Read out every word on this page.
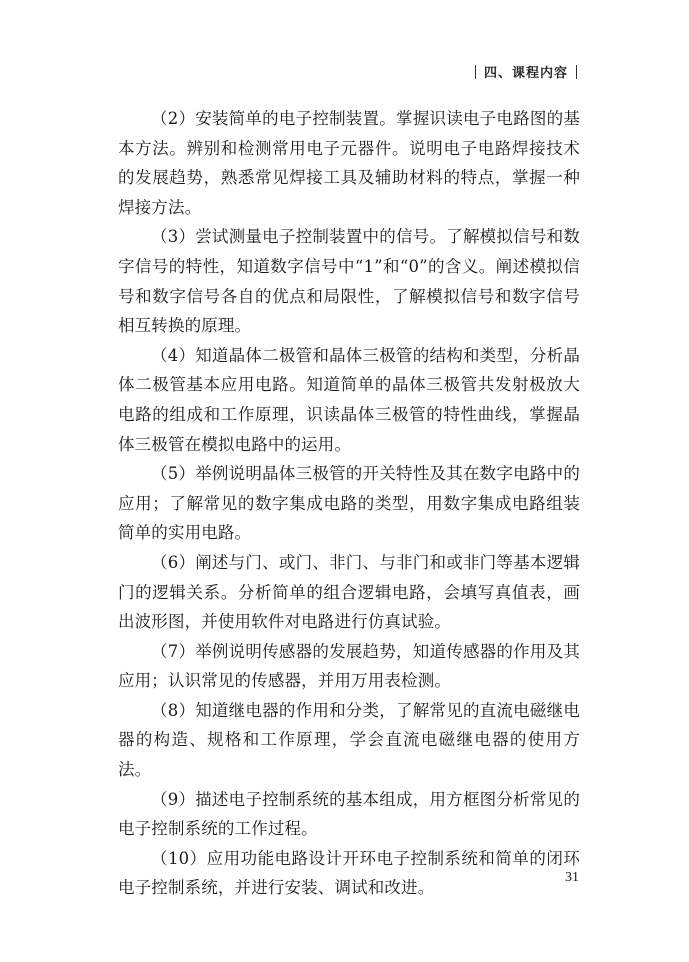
四、课程内容

（2）安装简单的电子控制装置。掌握识读电子电路图的基本方法。辨别和检测常用电子元器件。说明电子电路焊接技术的发展趋势，熟悉常见焊接工具及辅助材料的特点，掌握一种焊接方法。

（3）尝试测量电子控制装置中的信号。了解模拟信号和数字信号的特性，知道数字信号中“1”和“0”的含义。阐述模拟信号和数字信号各自的优点和局限性，了解模拟信号和数字信号相互转换的原理。

（4）知道晶体二极管和晶体三极管的结构和类型，分析晶体二极管基本应用电路。知道简单的晶体三极管共发射极放大电路的组成和工作原理，识读晶体三极管的特性曲线，掌握晶体三极管在模拟电路中的运用。

（5）举例说明晶体三极管的开关特性及其在数字电路中的应用；了解常见的数字集成电路的类型，用数字集成电路组装简单的实用电路。

（6）阐述与门、或门、非门、与非门和或非门等基本逻辑门的逻辑关系。分析简单的组合逻辑电路，会填写真值表，画出波形图，并使用软件对电路进行仿真试验。

（7）举例说明传感器的发展趋势，知道传感器的作用及其应用；认识常见的传感器，并用万用表检测。

（8）知道继电器的作用和分类，了解常见的直流电磁继电器的构造、规格和工作原理，学会直流电磁继电器的使用方法。

（9）描述电子控制系统的基本组成，用方框图分析常见的电子控制系统的工作过程。

（10）应用功能电路设计开环电子控制系统和简单的闭环电子控制系统，并进行安装、调试和改进。

31
